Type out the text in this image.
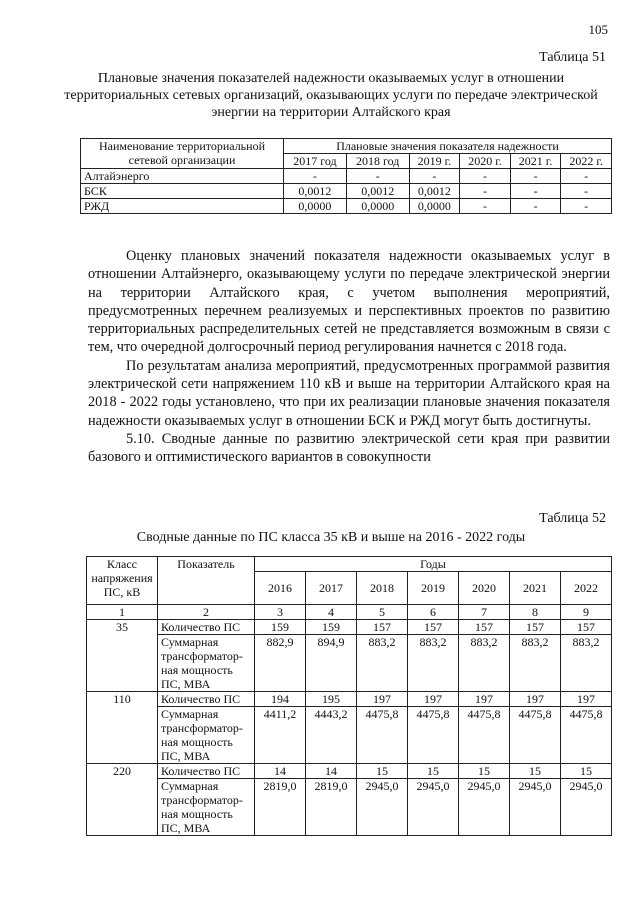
105
Таблица 51
Плановые значения показателей надежности оказываемых услуг в отношении территориальных сетевых организаций, оказывающих услуги по передаче электрической энергии на территории Алтайского края
Наименование территориальной сетевой организации	Плановые значения показателя надежности					
	2017 год	2018 год	2019 г.	2020 г.	2021 г.	2022 г.
Алтайэнерго	-	-	-	-	-	-
БСК	0,0012	0,0012	0,0012	-	-	-
РЖД	0,0000	0,0000	0,0000	-	-	-

Оценку плановых значений показателя надежности оказываемых услуг в отношении Алтайэнерго, оказывающему услуги по передаче электрической энергии на территории Алтайского края, с учетом выполнения мероприятий, предусмотренных перечнем реализуемых и перспективных проектов по развитию территориальных распределительных сетей не представляется возможным в связи с тем, что очередной долгосрочный период регулирования начнется с 2018 года.

По результатам анализа мероприятий, предусмотренных программой развития электрической сети напряжением 110 кВ и выше на территории Алтайского края на 2018 - 2022 годы установлено, что при их реализации плановые значения показателя надежности оказываемых услуг в отношении БСК и РЖД могут быть достигнуты.

5.10. Сводные данные по развитию электрической сети края при развитии базового и оптимистического вариантов в совокупности

Таблица 52
Сводные данные по ПС класса 35 кВ и выше на 2016 - 2022 годы
Класс напряжения ПС, кВ	Показатель	Годы						
		2016	2017	2018	2019	2020	2021	2022
1	2	3	4	5	6	7	8	9
35	Количество ПС	159	159	157	157	157	157	157
	Суммарная трансформатор-ная мощность ПС, МВА	882,9	894,9	883,2	883,2	883,2	883,2	883,2
110	Количество ПС	194	195	197	197	197	197	197
	Суммарная трансформатор-ная мощность ПС, МВА	4411,2	4443,2	4475,8	4475,8	4475,8	4475,8	4475,8
220	Количество ПС	14	14	15	15	15	15	15
	Суммарная трансформатор-ная мощность ПС, МВА	2819,0	2819,0	2945,0	2945,0	2945,0	2945,0	2945,0
